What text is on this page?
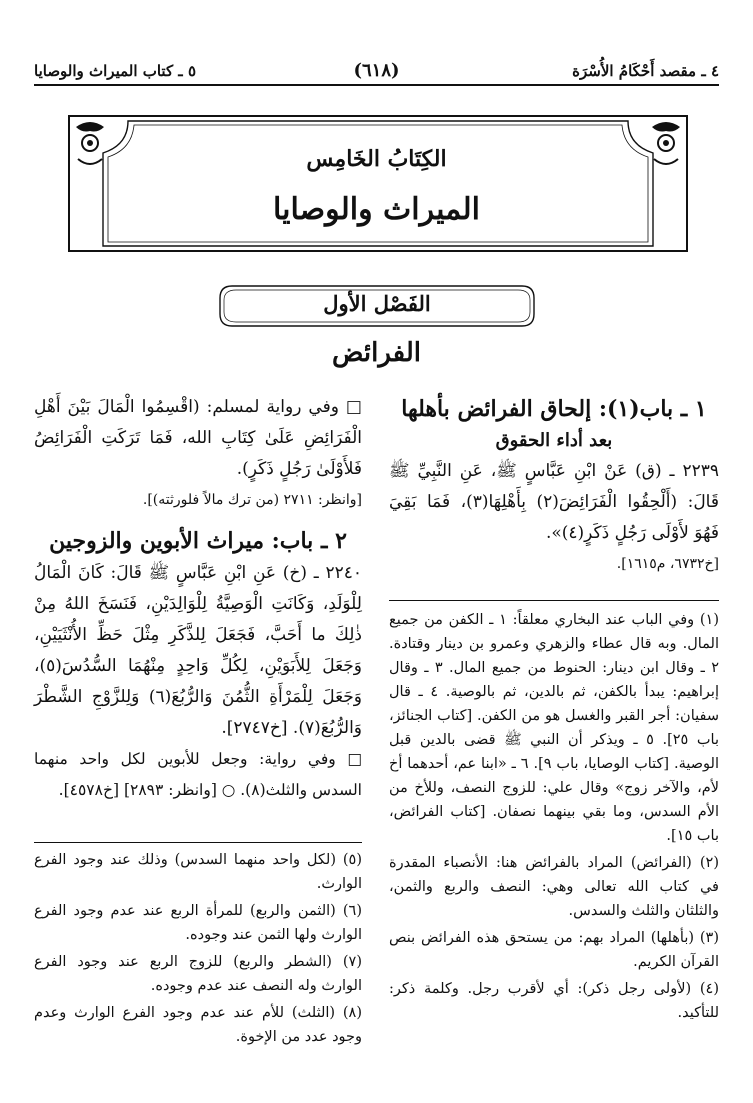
٤ ـ مقصد أَحْكَامُ الأُسْرَة
(٦١٨)
٥ ـ كتاب الميراث والوصايا
الكِتَابُ الخَامِس
الميراث والوصايا
الفَصْل الأول
الفرائض
١ ـ باب(١): إلحاق الفرائض بأهلها
بعد أداء الحقوق
٢٢٣٩ ـ (ق) عَنْ ابْنِ عَبَّاسٍ ﷺ، عَنِ النَّبِيِّ ﷺ قَالَ: (أَلْحِقُوا الْفَرَائِضَ(٢) بِأَهْلِهَا(٣)، فَمَا بَقِيَ فَهُوَ لأَوْلَى رَجُلٍ ذَكَرٍ(٤)».
[خ٦٧٣٢، م١٦١٥].

(١) وفي الباب عند البخاري معلقاً: ١ ـ الكفن من جميع المال. وبه قال عطاء والزهري وعمرو بن دينار وقتادة. ٢ ـ وقال ابن دينار: الحنوط من جميع المال. ٣ ـ وقال إبراهيم: يبدأ بالكفن، ثم بالدين، ثم بالوصية. ٤ ـ قال سفيان: أجر القبر والغسل هو من الكفن. [كتاب الجنائز، باب ٢٥]. ٥ ـ ويذكر أن النبي ﷺ قضى بالدين قبل الوصية. [كتاب الوصايا، باب ٩]. ٦ ـ «ابنا عم، أحدهما أخ لأم، والآخر زوج» وقال علي: للزوج النصف، وللأخ من الأم السدس، وما بقي بينهما نصفان. [كتاب الفرائض، باب ١٥].

(٢) (الفرائض) المراد بالفرائض هنا: الأنصباء المقدرة في كتاب الله تعالى وهي: النصف والربع والثمن، والثلثان والثلث والسدس.

(٣) (بأهلها) المراد بهم: من يستحق هذه الفرائض بنص القرآن الكريم.

(٤) (لأولى رجل ذكر): أي لأقرب رجل. وكلمة ذكر: للتأكيد.

□ وفي رواية لمسلم: (اقْسِمُوا الْمَالَ بَيْنَ أَهْلِ الْفَرَائِضِ عَلَىٰ كِتَابِ الله، فَمَا تَرَكَتِ الْفَرَائِضُ فَلأَوْلَىٰ رَجُلٍ ذَكَرٍ).
[وانظر: ٢٧١١ (من ترك مالاً فلورثته)].
٢ ـ باب: ميراث الأبوين والزوجين
٢٢٤٠ ـ (خ) عَنِ ابْنِ عَبَّاسٍ ﷺ قَالَ: كَانَ الْمَالُ لِلْوَلَدِ، وَكَانَتِ الْوَصِيَّةُ لِلْوَالِدَيْنِ، فَنَسَخَ اللهُ مِنْ ذٰلِكَ ما أَحَبَّ، فَجَعَلَ لِلذَّكَرِ مِثْلَ حَظِّ الأُنْثَيَيْنِ، وَجَعَلَ لِلأَبَوَيْنِ، لِكُلِّ وَاحِدٍ مِنْهُمَا السُّدُسَ(٥)، وَجَعَلَ لِلْمَرْأَةِ الثُّمُنَ وَالرُّبُعَ(٦) وَلِلزَّوْجِ الشَّطْرَ وَالرُّبُعَ(٧). [خ٢٧٤٧].
□ وفي رواية: وجعل للأبوين لكل واحد منهما السدس والثلث(٨). ○ [وانظر: ٢٨٩٣] [خ٤٥٧٨].

(٥) (لكل واحد منهما السدس) وذلك عند وجود الفرع الوارث.

(٦) (الثمن والربع) للمرأة الربع عند عدم وجود الفرع الوارث ولها الثمن عند وجوده.

(٧) (الشطر والربع) للزوج الربع عند وجود الفرع الوارث وله النصف عند عدم وجوده.

(٨) (الثلث) للأم عند عدم وجود الفرع الوارث وعدم وجود عدد من الإخوة.
